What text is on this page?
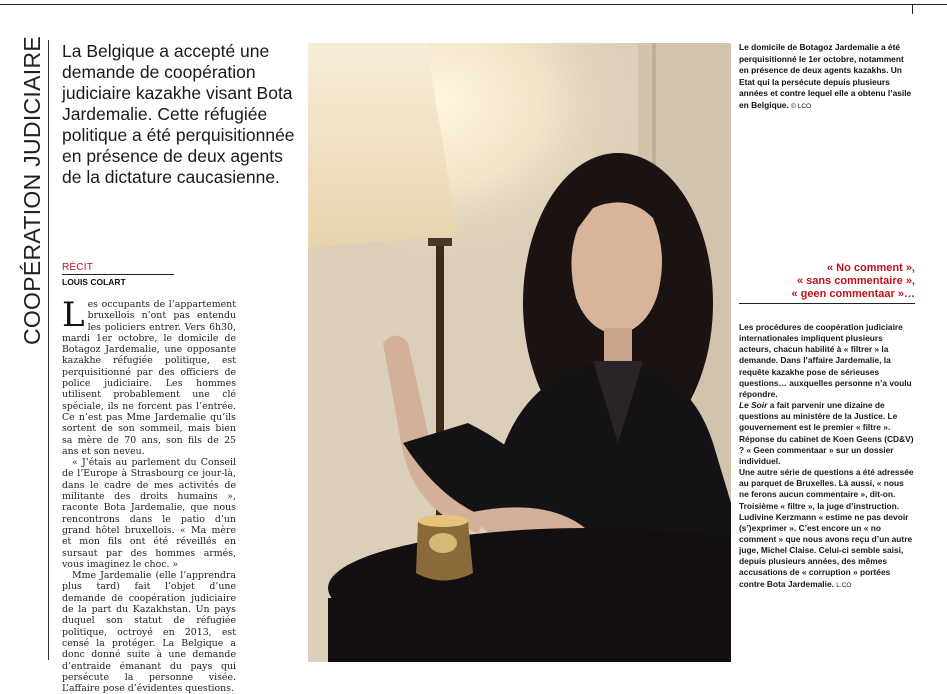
COOPÉRATION JUDICIAIRE La Belgique a accepté une demande de coopération judiciaire kazakhe visant Bota Jardemalie. Cette réfugiée politique a été perquisitionnée en présence de deux agents de la dictature caucasienne.

RÉCIT
LOUIS COLART

Les occupants de l’appartement bruxellois n’ont pas entendu les policiers entrer. Vers 6h30, mardi 1er octobre, le domicile de Botagoz Jardemalie, une opposante kazakhe réfugiée politique, est perquisitionné par des officiers de police judiciaire. Les hommes utilisent probablement une clé spéciale, ils ne forcent pas l’entrée. Ce n’est pas Mme Jardemalie qu’ils sortent de son sommeil, mais bien sa mère de 70 ans, son fils de 25 ans et son neveu.

« J’étais au parlement du Conseil de l’Europe à Strasbourg ce jour-là, dans le cadre de mes activités de militante des droits humains », raconte Bota Jardemalie, que nous rencontrons dans le patio d’un grand hôtel bruxellois. « Ma mère et mon fils ont été réveillés en sursaut par des hommes armés, vous imaginez le choc. »

Mme Jardemalie (elle l’apprendra plus tard) fait l’objet d’une demande de coopération judiciaire de la part du Kazakhstan. Un pays duquel son statut de réfugiée politique, octroyé en 2013, est censé la protéger. La Belgique a donc donné suite à une demande d’entraide émanant du pays qui persécute la personne visée. L’affaire pose d’évidentes questions.

Le domicile de Botagoz Jardemalie a été perquisitionné le 1er octobre, notamment en présence de deux agents kazakhs. Un Etat qui la persécute depuis plusieurs années et contre lequel elle a obtenu l’asile en Belgique. © LCO

« No comment »,
« sans commentaire »,
« geen commentaar »…

Les procédures de coopération judiciaire internationales impliquent plusieurs acteurs, chacun habilité à « filtrer » la demande. Dans l’affaire Jardemalie, la requête kazakhe pose de sérieuses questions… auxquelles personne n’a voulu répondre.

Le Soir a fait parvenir une dizaine de questions au ministère de la Justice. Le gouvernement est le premier « filtre ». Réponse du cabinet de Koen Geens (CD&V) ? « Geen commentaar » sur un dossier individuel.

Une autre série de questions a été adressée au parquet de Bruxelles. Là aussi, « nous ne ferons aucun commentaire », dit-on. Troisième « filtre », la juge d’instruction. Ludivine Kerzmann « estime ne pas devoir (s’)exprimer ». C’est encore un « no comment » que nous avons reçu d’un autre juge, Michel Claise. Celui-ci semble saisi, depuis plusieurs années, des mêmes accusations de « corruption » portées contre Bota Jardemalie. L.CO
